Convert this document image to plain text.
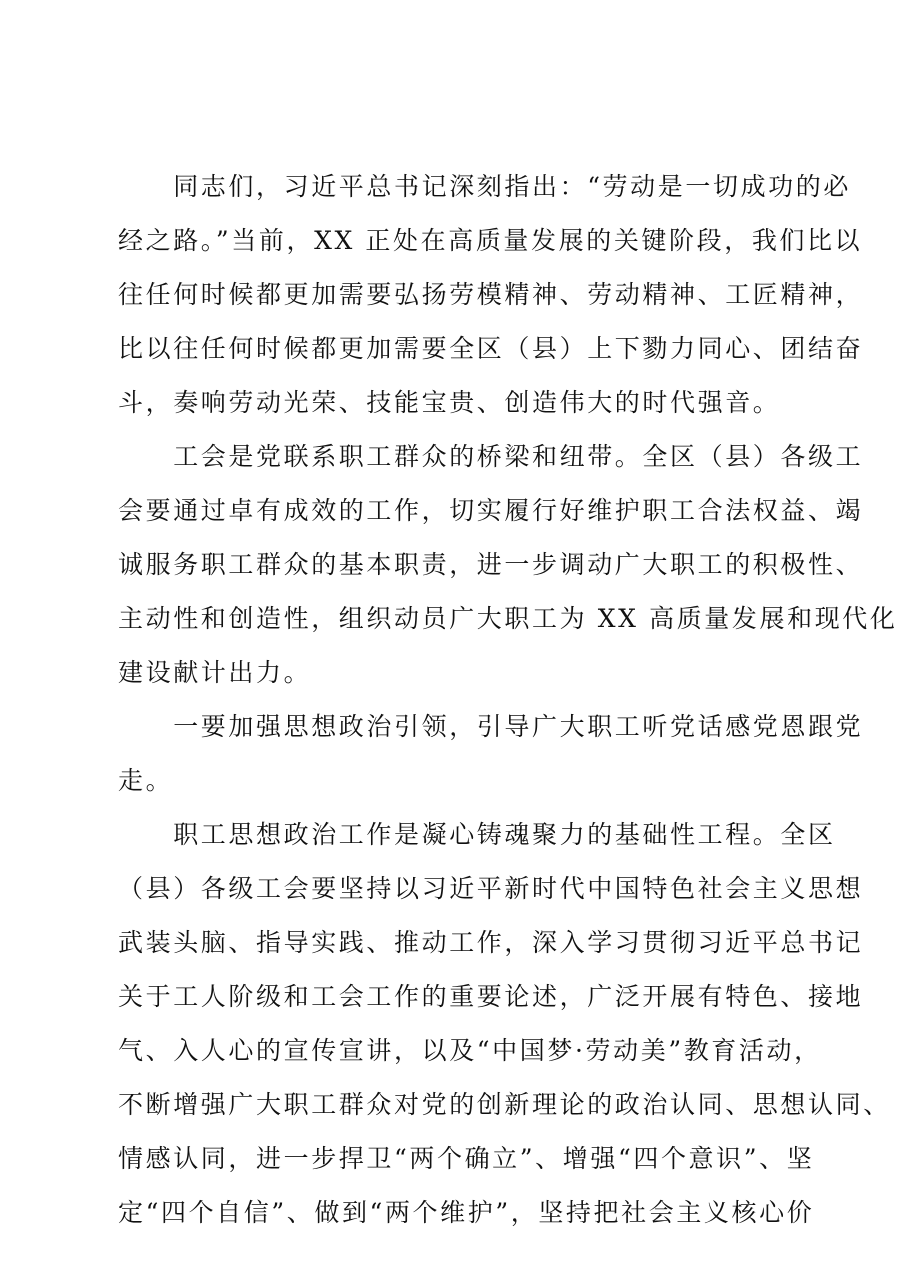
　　同志们，习近平总书记深刻指出：“劳动是一切成功的必
经之路。”当前，XX 正处在高质量发展的关键阶段，我们比以
往任何时候都更加需要弘扬劳模精神、劳动精神、工匠精神，
比以往任何时候都更加需要全区（县）上下勠力同心、团结奋
斗，奏响劳动光荣、技能宝贵、创造伟大的时代强音。
　　工会是党联系职工群众的桥梁和纽带。全区（县）各级工
会要通过卓有成效的工作，切实履行好维护职工合法权益、竭
诚服务职工群众的基本职责，进一步调动广大职工的积极性、
主动性和创造性，组织动员广大职工为 XX 高质量发展和现代化
建设献计出力。
　　一要加强思想政治引领，引导广大职工听党话感党恩跟党
走。
　　职工思想政治工作是凝心铸魂聚力的基础性工程。全区
（县）各级工会要坚持以习近平新时代中国特色社会主义思想
武装头脑、指导实践、推动工作，深入学习贯彻习近平总书记
关于工人阶级和工会工作的重要论述，广泛开展有特色、接地
气、入人心的宣传宣讲，以及“中国梦·劳动美”教育活动，
不断增强广大职工群众对党的创新理论的政治认同、思想认同、
情感认同，进一步捍卫“两个确立”、增强“四个意识”、坚
定“四个自信”、做到“两个维护”，坚持把社会主义核心价
